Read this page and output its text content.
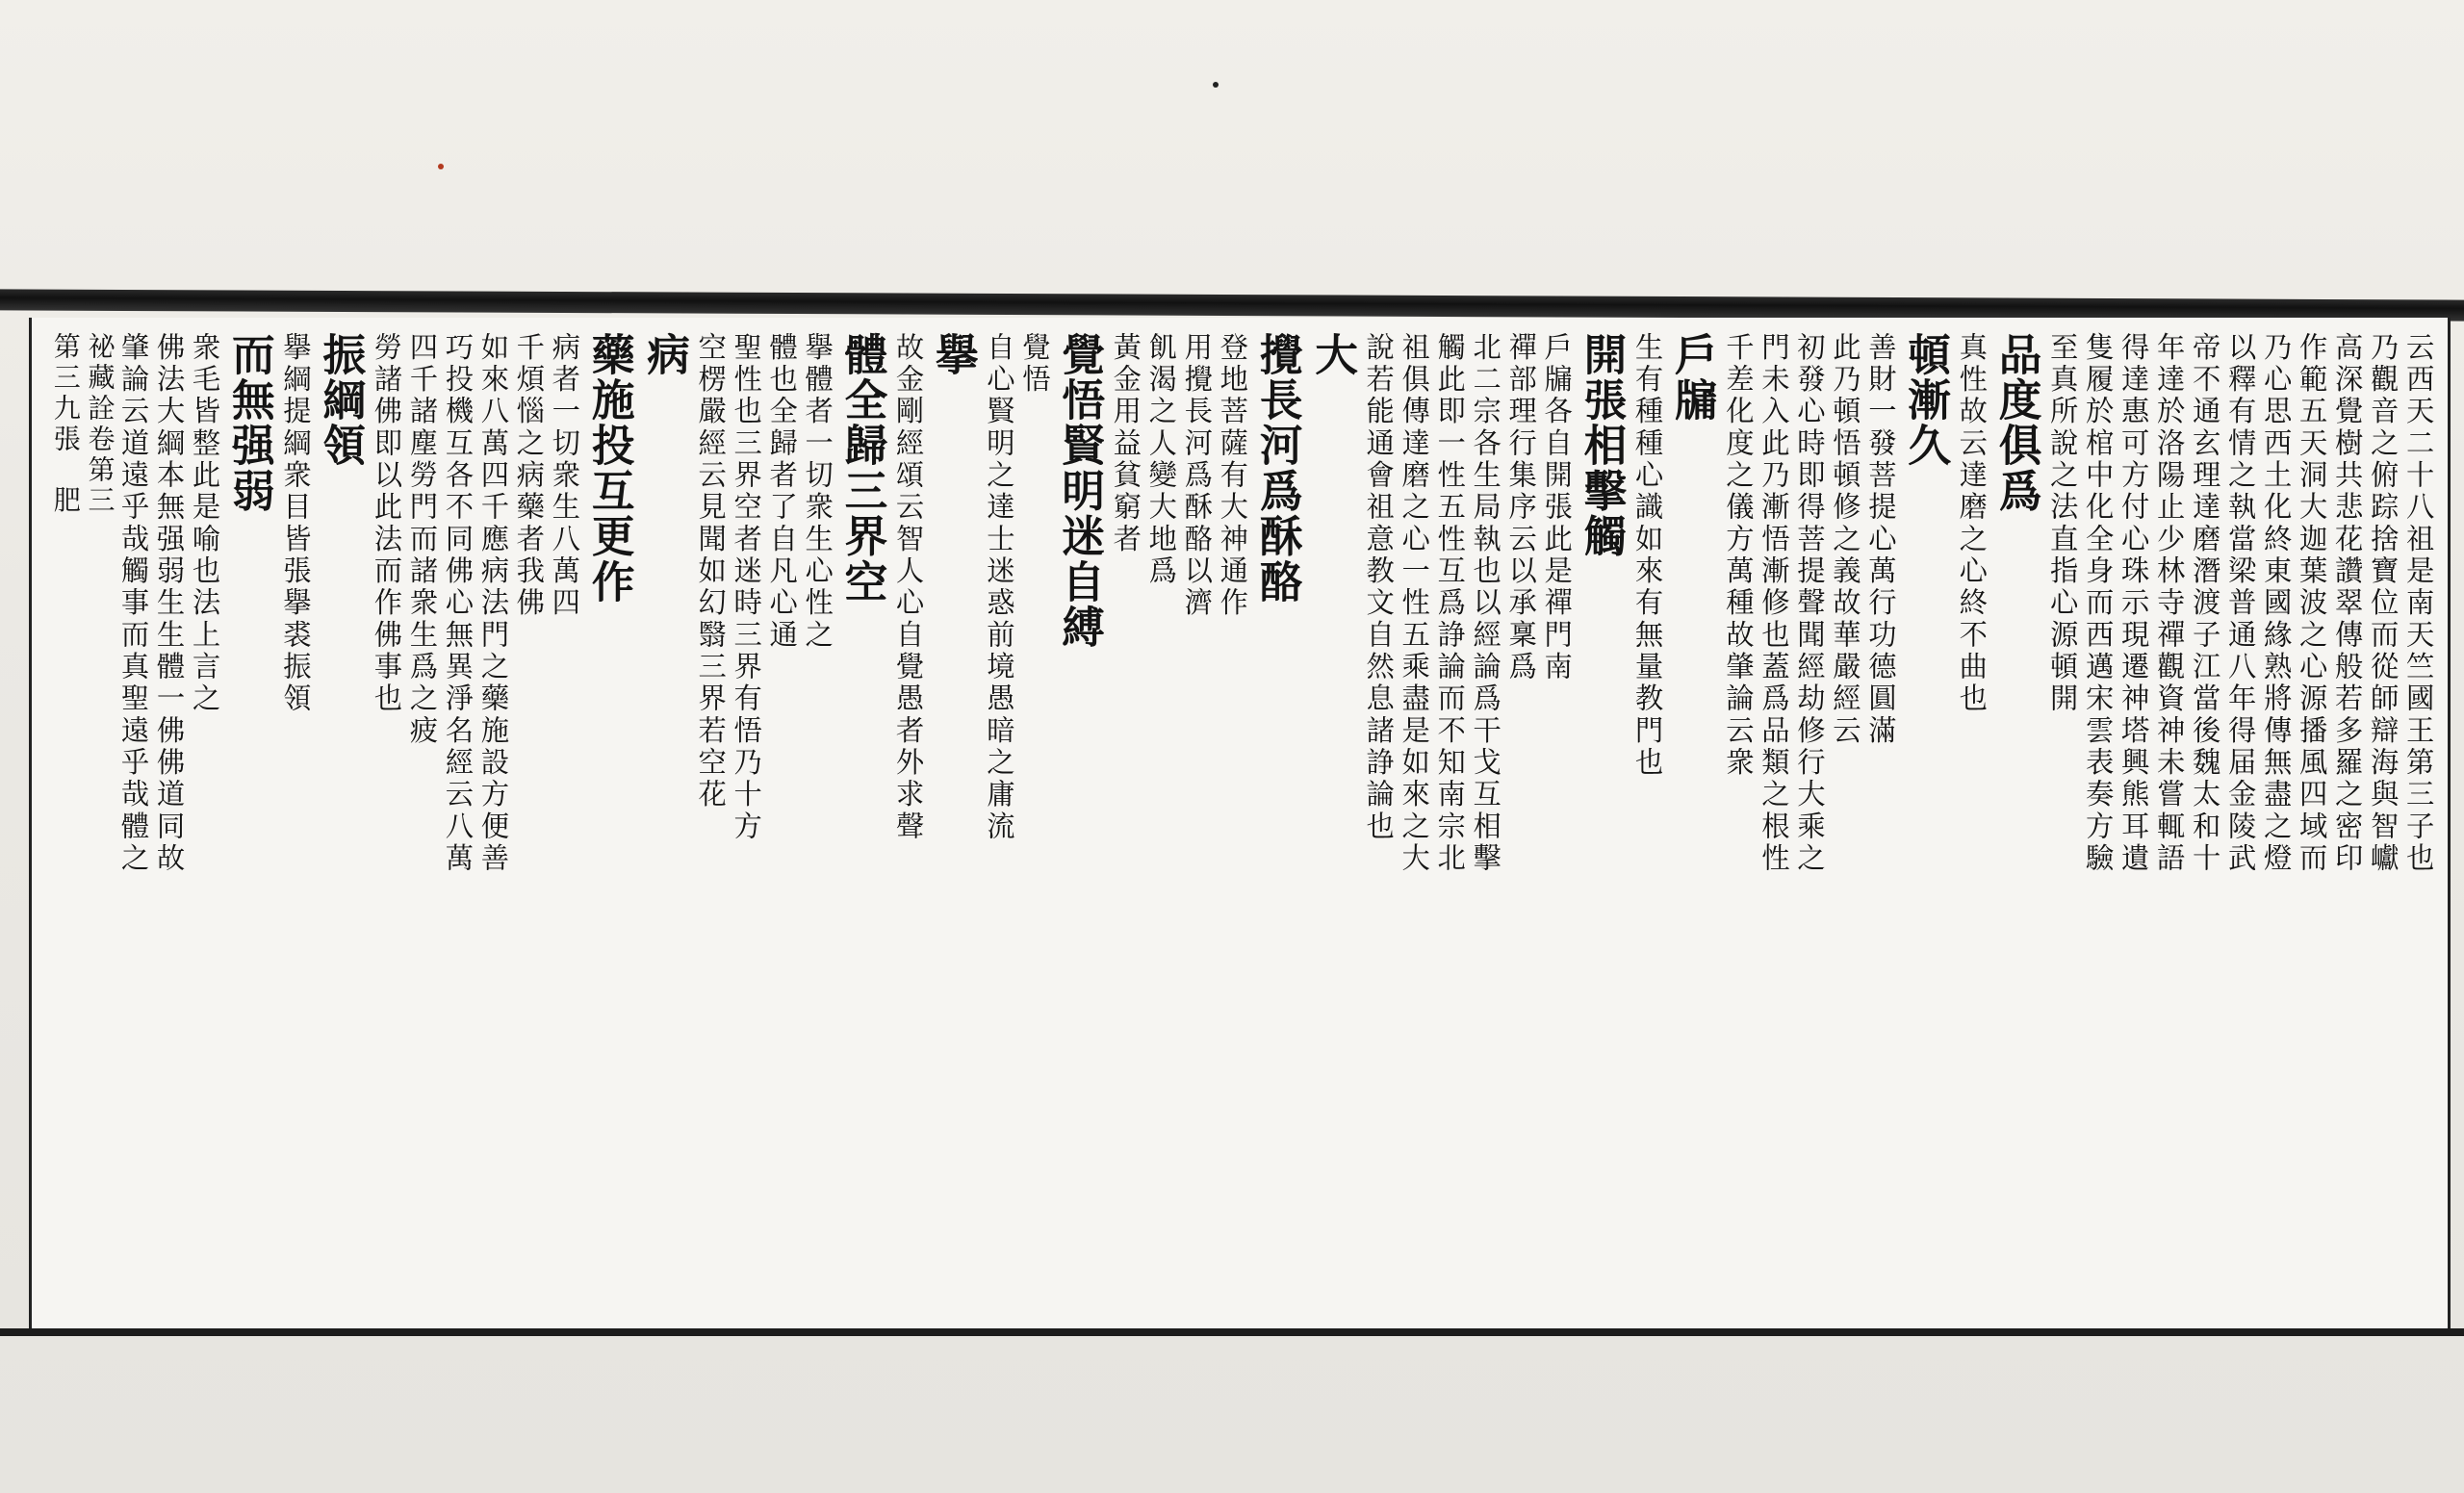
云西天二十八祖是南天竺國王第三子也
乃觀音之俯踪捨寶位而從師辯海與智巘
高深覺樹共悲花讚翠傳般若多羅之密印
作範五天洞大迦葉波之心源播風四域而
乃心思西土化終東國緣熟將傳無盡之燈
以釋有情之執當梁普通八年得届金陵武
帝不通玄理達磨潛渡子江當後魏太和十
年達於洛陽止少林寺禪觀資神未嘗輒語
得達惠可方付心珠示現遷神塔興熊耳遺
隻履於棺中化全身而西邁宋雲表奏方驗
至真所說之法直指心源頓開
品度俱爲
真性故云達磨之心終不曲也
頓漸久
善財一發菩提心萬行功德圓滿
此乃頓悟頓修之義故華嚴經云
初發心時即得菩提聲聞經劫修行大乘之
門未入此乃漸悟漸修也蓋爲品類之根性
千差化度之儀方萬種故肇論云衆
戶牖
生有種種心識如來有無量教門也
開張相擊觸
戶牖各自開張此是禪門南
禪部理行集序云以承稟爲
北二宗各生局執也以經論爲干戈互相擊
觸此即一性五性互爲諍論而不知南宗北
祖俱傳達磨之心一性五乘盡是如來之大
說若能通會祖意教文自然息諸諍論也
大
攪長河爲酥酪
登地菩薩有大神通作
用攪長河爲酥酪以濟
飢渴之人變大地爲
黃金用益貧窮者
覺悟賢明迷自縛
覺悟
自心賢明之達士迷惑前境愚暗之庸流
擧
故金剛經頌云智人心自覺愚者外求聲
體全歸三界空
擧體者一切衆生心性之
體也全歸者了自凡心通
聖性也三界空者迷時三界有悟乃十方
空楞嚴經云見聞如幻翳三界若空花
病
藥施投互更作
病者一切衆生八萬四
千煩惱之病藥者我佛
如來八萬四千應病法門之藥施設方便善
巧投機互各不同佛心無異淨名經云八萬
四千諸塵勞門而諸衆生爲之疲
勞諸佛即以此法而作佛事也
振綱領
擧綱提綱衆目皆張擧裘振領
而無强弱
衆毛皆整此是喻也法上言之
佛法大綱本無强弱生生體一佛佛道同故
肇論云道遠乎哉觸事而真聖遠乎哉體之
祕藏詮卷第三
第三九張　肥
